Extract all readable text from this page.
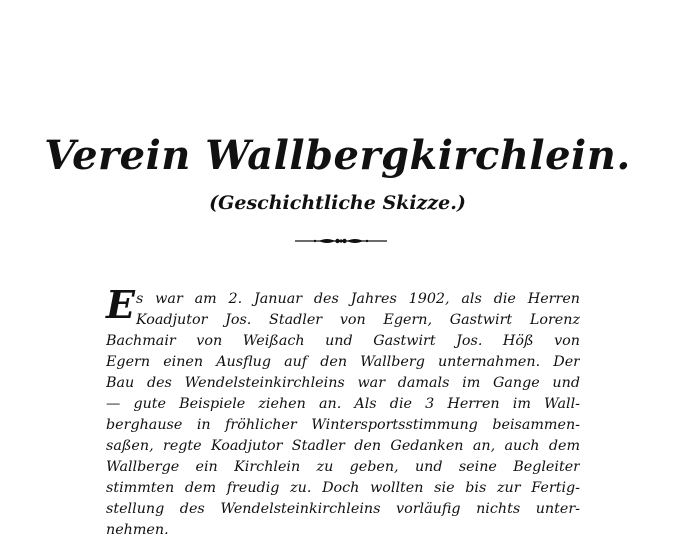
Verein Wallbergkirchlein.
(Geschichtliche Skizze.)
E s war am 2. Januar des Jahres 1902, als die Herren
Koadjutor Jos. Stadler von Egern, Gastwirt Lorenz
Bachmair von Weißach und Gastwirt Jos. Höß von
Egern einen Ausflug auf den Wallberg unternahmen. Der
Bau des Wendelsteinkirchleins war damals im Gange und
— gute Beispiele ziehen an. Als die 3 Herren im Wall-
berghause in fröhlicher Wintersportsstimmung beisammen-
saßen, regte Koadjutor Stadler den Gedanken an, auch dem
Wallberge ein Kirchlein zu geben, und seine Begleiter
stimmten dem freudig zu. Doch wollten sie bis zur Fertig-
stellung des Wendelsteinkirchleins vorläufig nichts unter-
nehmen.
